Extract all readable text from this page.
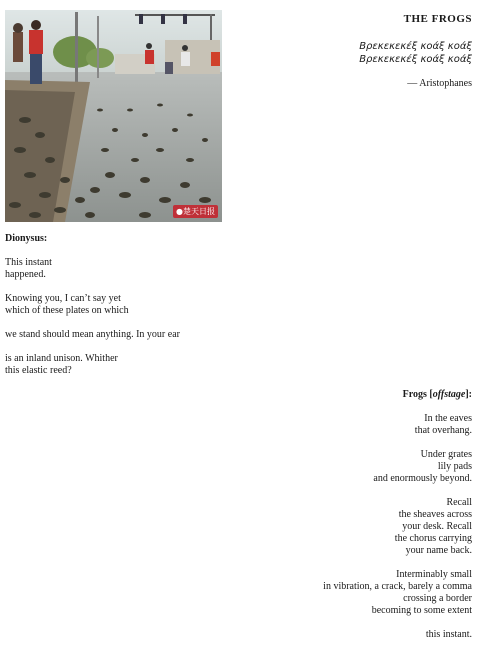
●楚天日报
THE FROGS
Βρεκεκεκέξ κοάξ κοάξ
Βρεκεκεκέξ κοάξ κοάξ
— Aristophanes
Dionysus:
This instant
happened.
Knowing you, I can’t say yet
which of these plates on which
we stand should mean anything. In your ear
is an inland unison. Whither
this elastic reed?
Frogs [offstage]:
In the eaves
that overhang.
Under grates
lily pads
and enormously beyond.
Recall
the sheaves across
your desk. Recall
the chorus carrying
your name back.
Interminably small
in vibration, a crack, barely a comma
crossing a border
becoming to some extent
this instant.
